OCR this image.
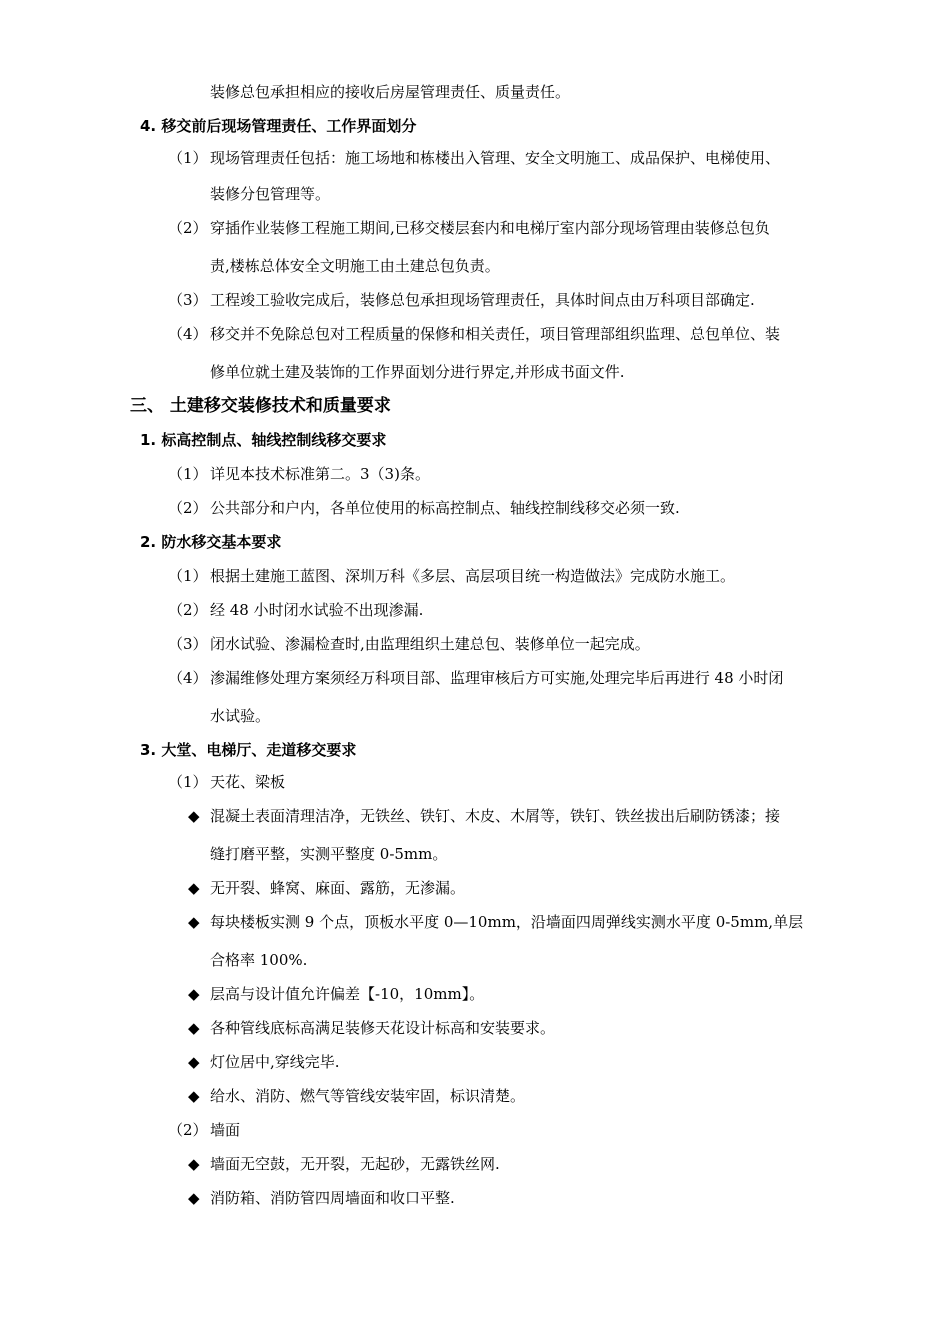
装修总包承担相应的接收后房屋管理责任、质量责任。
4. 移交前后现场管理责任、工作界面划分
（1） 现场管理责任包括：施工场地和栋楼出入管理、安全文明施工、成品保护、电梯使用、
装修分包管理等。
（2） 穿插作业装修工程施工期间,已移交楼层套内和电梯厅室内部分现场管理由装修总包负
责,楼栋总体安全文明施工由土建总包负责。
（3） 工程竣工验收完成后，装修总包承担现场管理责任，具体时间点由万科项目部确定.
（4） 移交并不免除总包对工程质量的保修和相关责任，项目管理部组织监理、总包单位、装
修单位就土建及装饰的工作界面划分进行界定,并形成书面文件.
三、 土建移交装修技术和质量要求
1. 标高控制点、轴线控制线移交要求
（1） 详见本技术标准第二。3（3)条。
（2） 公共部分和户内，各单位使用的标高控制点、轴线控制线移交必须一致.
2. 防水移交基本要求
（1） 根据土建施工蓝图、深圳万科《多层、高层项目统一构造做法》完成防水施工。
（2） 经 48 小时闭水试验不出现渗漏.
（3） 闭水试验、渗漏检查时,由监理组织土建总包、装修单位一起完成。
（4） 渗漏维修处理方案须经万科项目部、监理审核后方可实施,处理完毕后再进行 48 小时闭
水试验。
3. 大堂、电梯厅、走道移交要求
（1） 天花、梁板
◆ 混凝土表面清理洁净，无铁丝、铁钉、木皮、木屑等，铁钉、铁丝拔出后刷防锈漆；接
缝打磨平整，实测平整度 0-5mm。
◆ 无开裂、蜂窝、麻面、露筋，无渗漏。
◆ 每块楼板实测 9 个点，顶板水平度 0—10mm，沿墙面四周弹线实测水平度 0-5mm,单层
合格率 100%.
◆ 层高与设计值允许偏差【-10，10mm】。
◆ 各种管线底标高满足装修天花设计标高和安装要求。
◆ 灯位居中,穿线完毕.
◆ 给水、消防、燃气等管线安装牢固，标识清楚。
（2） 墙面
◆ 墙面无空鼓，无开裂，无起砂，无露铁丝网.
◆ 消防箱、消防管四周墙面和收口平整.
